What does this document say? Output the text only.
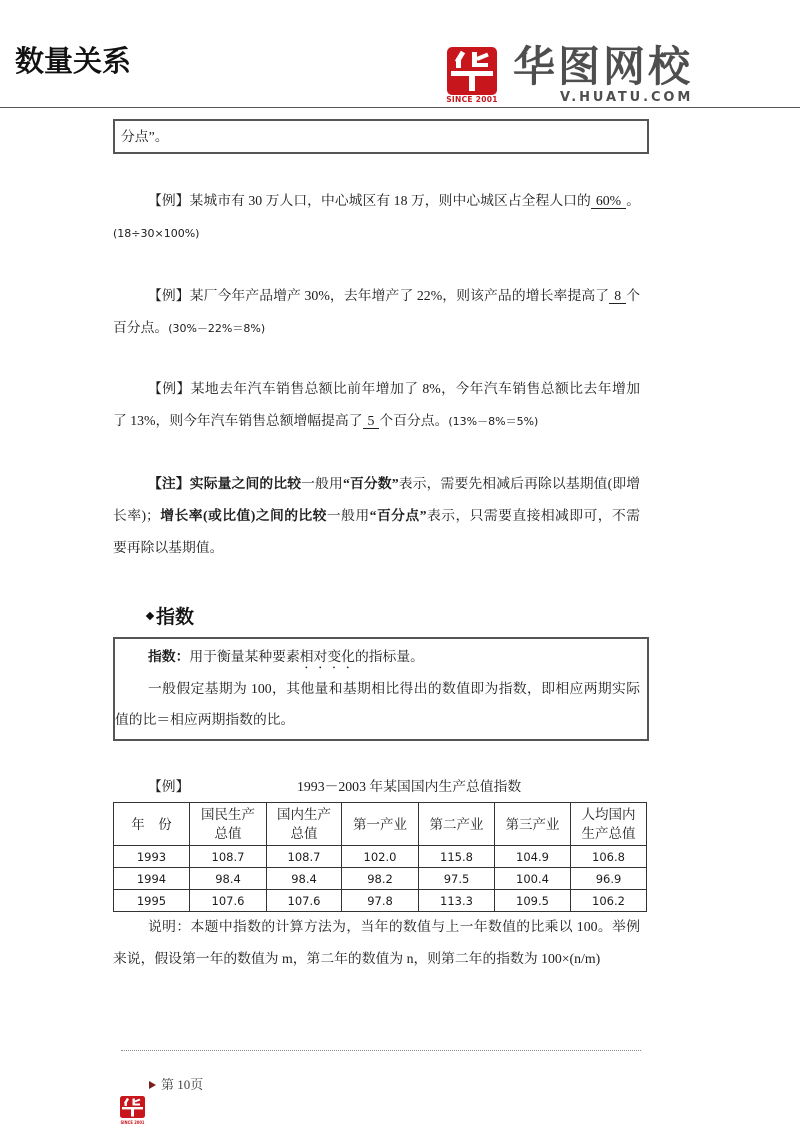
数量关系
SINCE 2001
华图网校
V.HUATU.COM
分点”。
【例】某城市有 30 万人口，中心城区有 18 万，则中心城区占全程人口的 60% 。
(18÷30×100%)
【例】某厂今年产品增产 30%，去年增产了 22%，则该产品的增长率提高了 8 个
百分点。(30%－22%＝8%)
【例】某地去年汽车销售总额比前年增加了 8%，今年汽车销售总额比去年增加
了 13%，则今年汽车销售总额增幅提高了 5 个百分点。(13%－8%＝5%)
【注】实际量之间的比较一般用“百分数”表示，需要先相减后再除以基期值(即增
长率)；增长率(或比值)之间的比较一般用“百分点”表示，只需要直接相减即可，不需
要再除以基期值。
指数
指数：用于衡量某种要素相对变化的指标量。
一般假定基期为 100，其他量和基期相比得出的数值即为指数，即相应两期实际
值的比＝相应两期指数的比。
【例】	1993－2003 年某国国内生产总值指数
年　份	国民生产总值	国内生产总值	第一产业	第二产业	第三产业	人均国内生产总值

1993	108.7	108.7	102.0	115.8	104.9	106.8
1994	98.4	98.4	98.2	97.5	100.4	96.9
1995	107.6	107.6	97.8	113.3	109.5	106.2
说明：本题中指数的计算方法为，当年的数值与上一年数值的比乘以 100。举例
来说，假设第一年的数值为 m，第二年的数值为 n，则第二年的指数为 100×(n/m)
第 10页
SINCE 2001
